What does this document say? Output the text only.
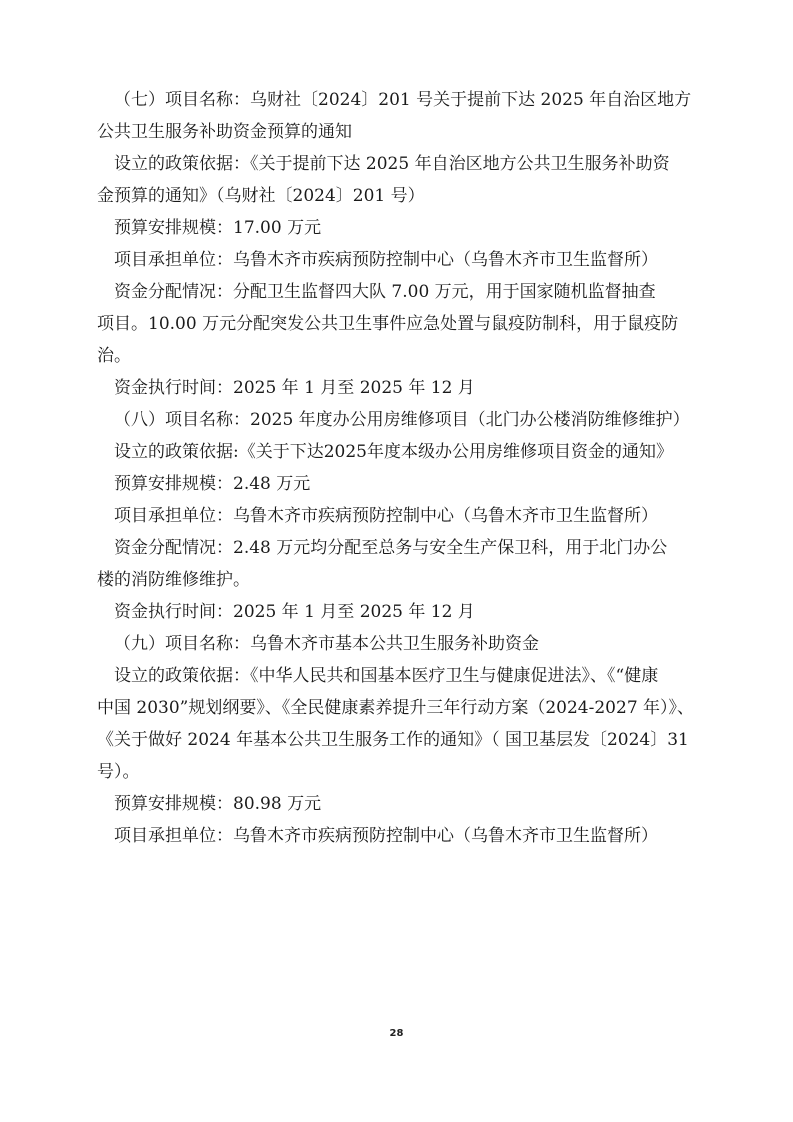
（七）项目名称：乌财社〔2024〕201 号关于提前下达 2025 年自治区地方
公共卫生服务补助资金预算的通知
设立的政策依据：《关于提前下达 2025 年自治区地方公共卫生服务补助资
金预算的通知》（乌财社〔2024〕201 号）
预算安排规模：17.00 万元
项目承担单位：乌鲁木齐市疾病预防控制中心（乌鲁木齐市卫生监督所）
资金分配情况：分配卫生监督四大队 7.00 万元，用于国家随机监督抽查
项目。10.00 万元分配突发公共卫生事件应急处置与鼠疫防制科，用于鼠疫防
治。
资金执行时间：2025 年 1 月至 2025 年 12 月
（八）项目名称：2025 年度办公用房维修项目（北门办公楼消防维修维护）
设立的政策依据:《关于下达2025年度本级办公用房维修项目资金的通知》
预算安排规模：2.48 万元
项目承担单位：乌鲁木齐市疾病预防控制中心（乌鲁木齐市卫生监督所）
资金分配情况：2.48 万元均分配至总务与安全生产保卫科，用于北门办公
楼的消防维修维护。
资金执行时间：2025 年 1 月至 2025 年 12 月
（九）项目名称：乌鲁木齐市基本公共卫生服务补助资金
设立的政策依据：《中华人民共和国基本医疗卫生与健康促进法》、《“健康
中国 2030”规划纲要》、《全民健康素养提升三年行动方案（2024-2027 年）》、
《关于做好 2024 年基本公共卫生服务工作的通知》（ 国卫基层发〔2024〕31
号）。
预算安排规模：80.98 万元
项目承担单位：乌鲁木齐市疾病预防控制中心（乌鲁木齐市卫生监督所）
28
